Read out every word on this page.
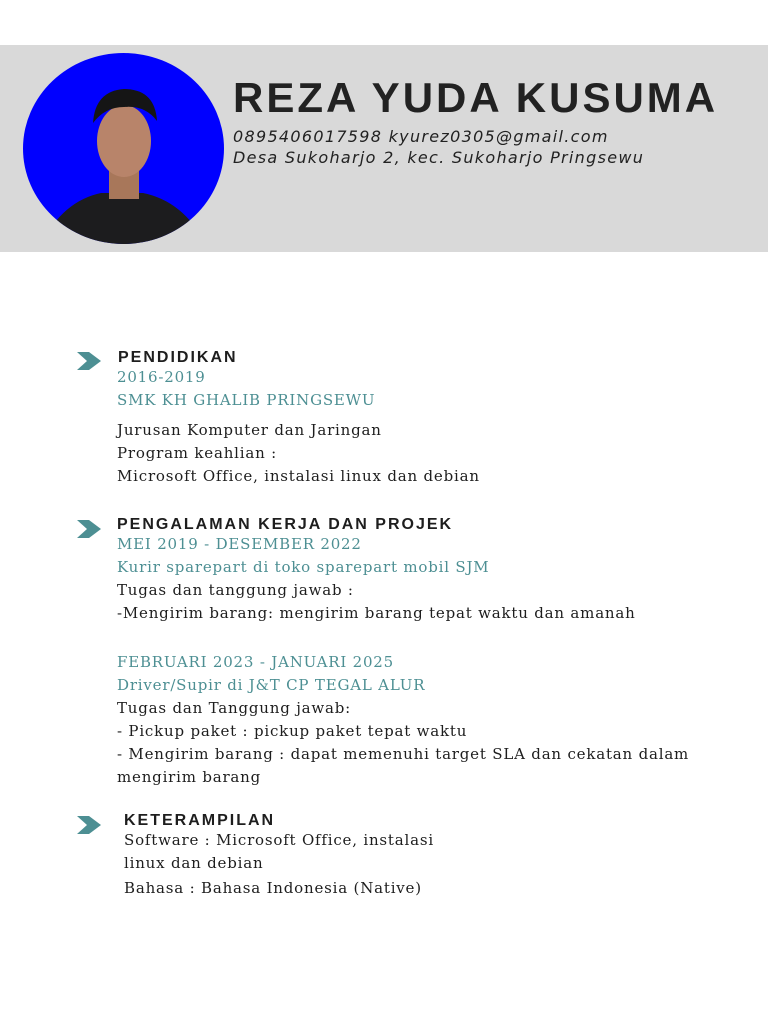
REZA YUDA KUSUMA
0895406017598 kyurez0305@gmail.com
Desa Sukoharjo 2, kec. Sukoharjo Pringsewu
PENDIDIKAN
2016-2019
SMK KH GHALIB PRINGSEWU
Jurusan Komputer dan Jaringan
Program keahlian :
Microsoft Office, instalasi linux dan debian
PENGALAMAN KERJA DAN PROJEK
MEI 2019 - DESEMBER 2022
Kurir sparepart di toko sparepart mobil SJM
Tugas dan tanggung jawab :
-Mengirim barang: mengirim barang tepat waktu dan amanah
FEBRUARI 2023 - JANUARI 2025
Driver/Supir di J&T CP TEGAL ALUR
Tugas dan Tanggung jawab:
- Pickup paket : pickup paket tepat waktu
- Mengirim barang : dapat memenuhi target SLA dan cekatan dalam
mengirim barang
KETERAMPILAN
Software : Microsoft Office, instalasi
linux dan debian
Bahasa : Bahasa Indonesia (Native)
